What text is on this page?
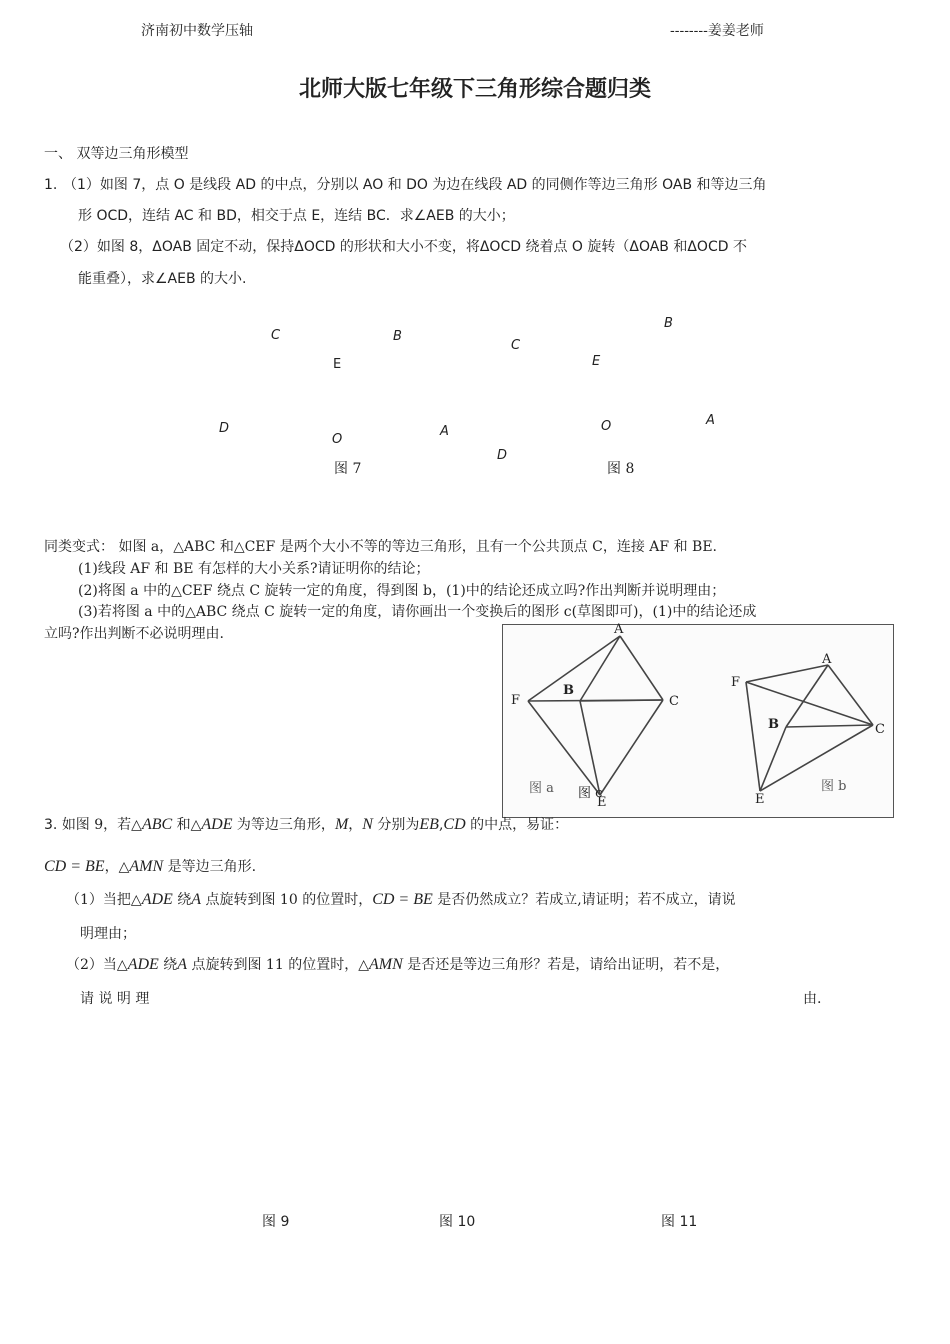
济南初中数学压轴	--------姜姜老师
北师大版七年级下三角形综合题归类
一、 双等边三角形模型
1. （1）如图 7，点 O 是线段 AD 的中点，分别以 AO 和 DO 为边在线段 AD 的同侧作等边三角形 OAB 和等边三角
形 OCD，连结 AC 和 BD，相交于点 E，连结 BC．求∠AEB 的大小；
（2）如图 8，ΔOAB 固定不动，保持ΔOCD 的形状和大小不变，将ΔOCD 绕着点 O 旋转（ΔOAB 和ΔOCD 不
能重叠），求∠AEB 的大小.
C	B
E
D
O
A
图 7
B
C
E
O	A
D
图 8
同类变式： 如图 a，△ABC 和△CEF 是两个大小不等的等边三角形，且有一个公共顶点 C，连接 AF 和 BE.
(1)线段 AF 和 BE 有怎样的大小关系?请证明你的结论；
(2)将图 a 中的△CEF 绕点 C 旋转一定的角度，得到图 b，(1)中的结论还成立吗?作出判断并说明理由；
(3)若将图 a 中的△ABC 绕点 C 旋转一定的角度，请你画出一个变换后的图形 c(草图即可)，(1)中的结论还成
立吗?作出判断不必说明理由.	A
B
C
F
E
图 a 图 c
A
B	C
F
E
图 b
3. 如图 9，若△ABC 和△ADE 为等边三角形，M，N 分别为EB,CD 的中点，易证：
CD = BE，△AMN 是等边三角形.
（1）当把△ADE 绕A 点旋转到图 10 的位置时，CD = BE 是否仍然成立？若成立,请证明；若不成立，请说
明理由；
（2）当△ADE 绕A 点旋转到图 11 的位置时，△AMN 是否还是等边三角形？若是，请给出证明，若不是，
请 说 明 理	由.
图 9	图 10	图 11
